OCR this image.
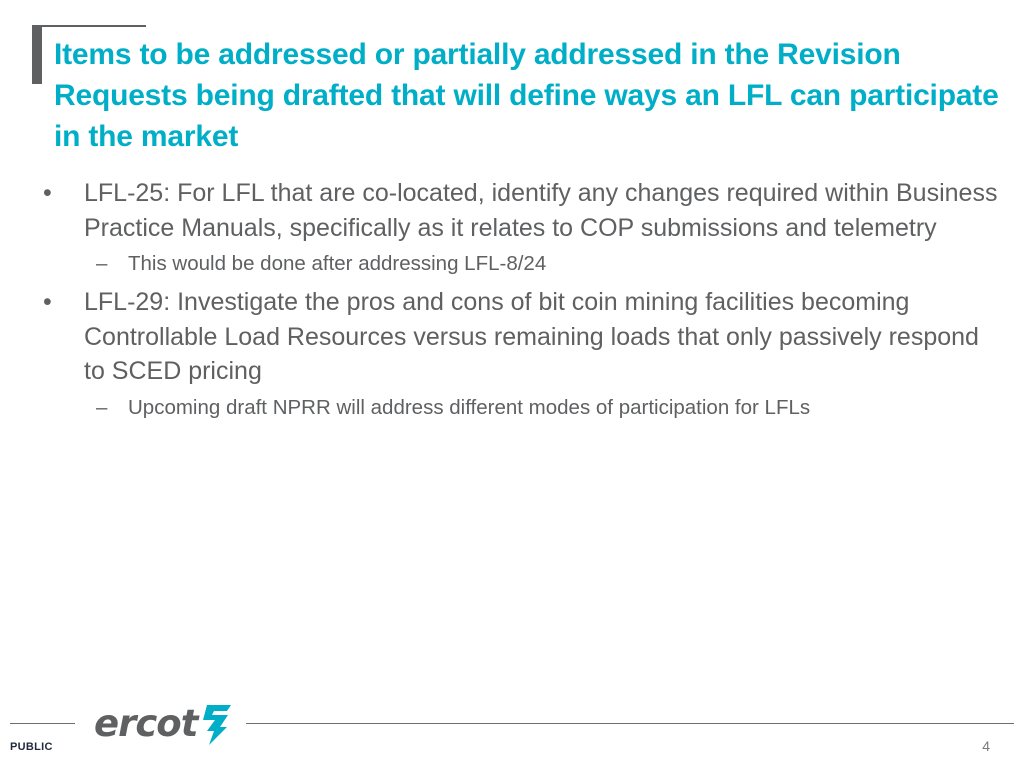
Items to be addressed or partially addressed in the Revision Requests being drafted that will define ways an LFL can participate in the market
• LFL-25: For LFL that are co-located, identify any changes required within Business Practice Manuals, specifically as it relates to COP submissions and telemetry
– This would be done after addressing LFL-8/24
• LFL-29: Investigate the pros and cons of bit coin mining facilities becoming Controllable Load Resources versus remaining loads that only passively respond to SCED pricing
– Upcoming draft NPRR will address different modes of participation for LFLs
ercot
PUBLIC	4
